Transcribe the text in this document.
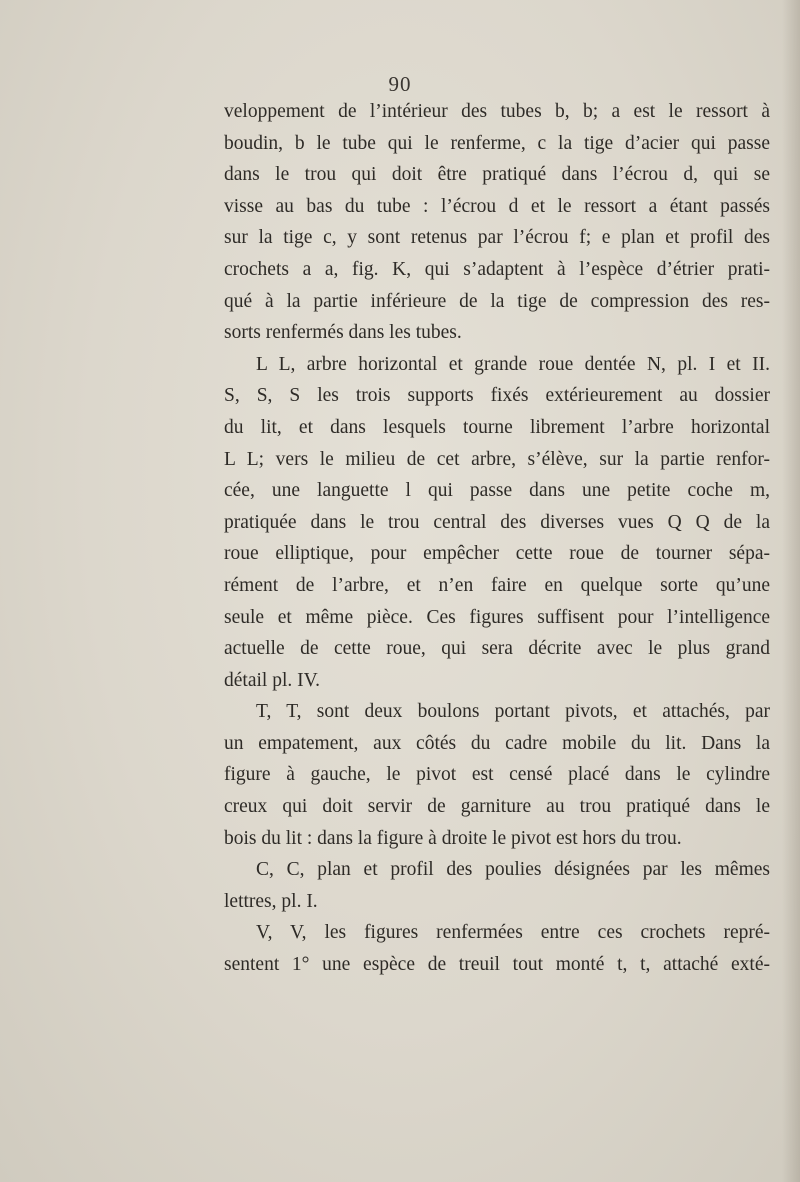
90
veloppement de l’intérieur des tubes b, b; a est le ressort à
boudin, b le tube qui le renferme, c la tige d’acier qui passe
dans le trou qui doit être pratiqué dans l’écrou d, qui se
visse au bas du tube : l’écrou d et le ressort a étant passés
sur la tige c, y sont retenus par l’écrou f; e plan et profil des
crochets a a, fig. K, qui s’adaptent à l’espèce d’étrier prati-
qué à la partie inférieure de la tige de compression des res-
sorts renfermés dans les tubes.
L L, arbre horizontal et grande roue dentée N, pl. I et II.
S, S, S les trois supports fixés extérieurement au dossier
du lit, et dans lesquels tourne librement l’arbre horizontal
L L; vers le milieu de cet arbre, s’élève, sur la partie renfor-
cée, une languette l qui passe dans une petite coche m,
pratiquée dans le trou central des diverses vues Q Q de la
roue elliptique, pour empêcher cette roue de tourner sépa-
rément de l’arbre, et n’en faire en quelque sorte qu’une
seule et même pièce. Ces figures suffisent pour l’intelligence
actuelle de cette roue, qui sera décrite avec le plus grand
détail pl. IV.
T, T, sont deux boulons portant pivots, et attachés, par
un empatement, aux côtés du cadre mobile du lit. Dans la
figure à gauche, le pivot est censé placé dans le cylindre
creux qui doit servir de garniture au trou pratiqué dans le
bois du lit : dans la figure à droite le pivot est hors du trou.
C, C, plan et profil des poulies désignées par les mêmes
lettres, pl. I.
V, V, les figures renfermées entre ces crochets repré-
sentent 1° une espèce de treuil tout monté t, t, attaché exté-
